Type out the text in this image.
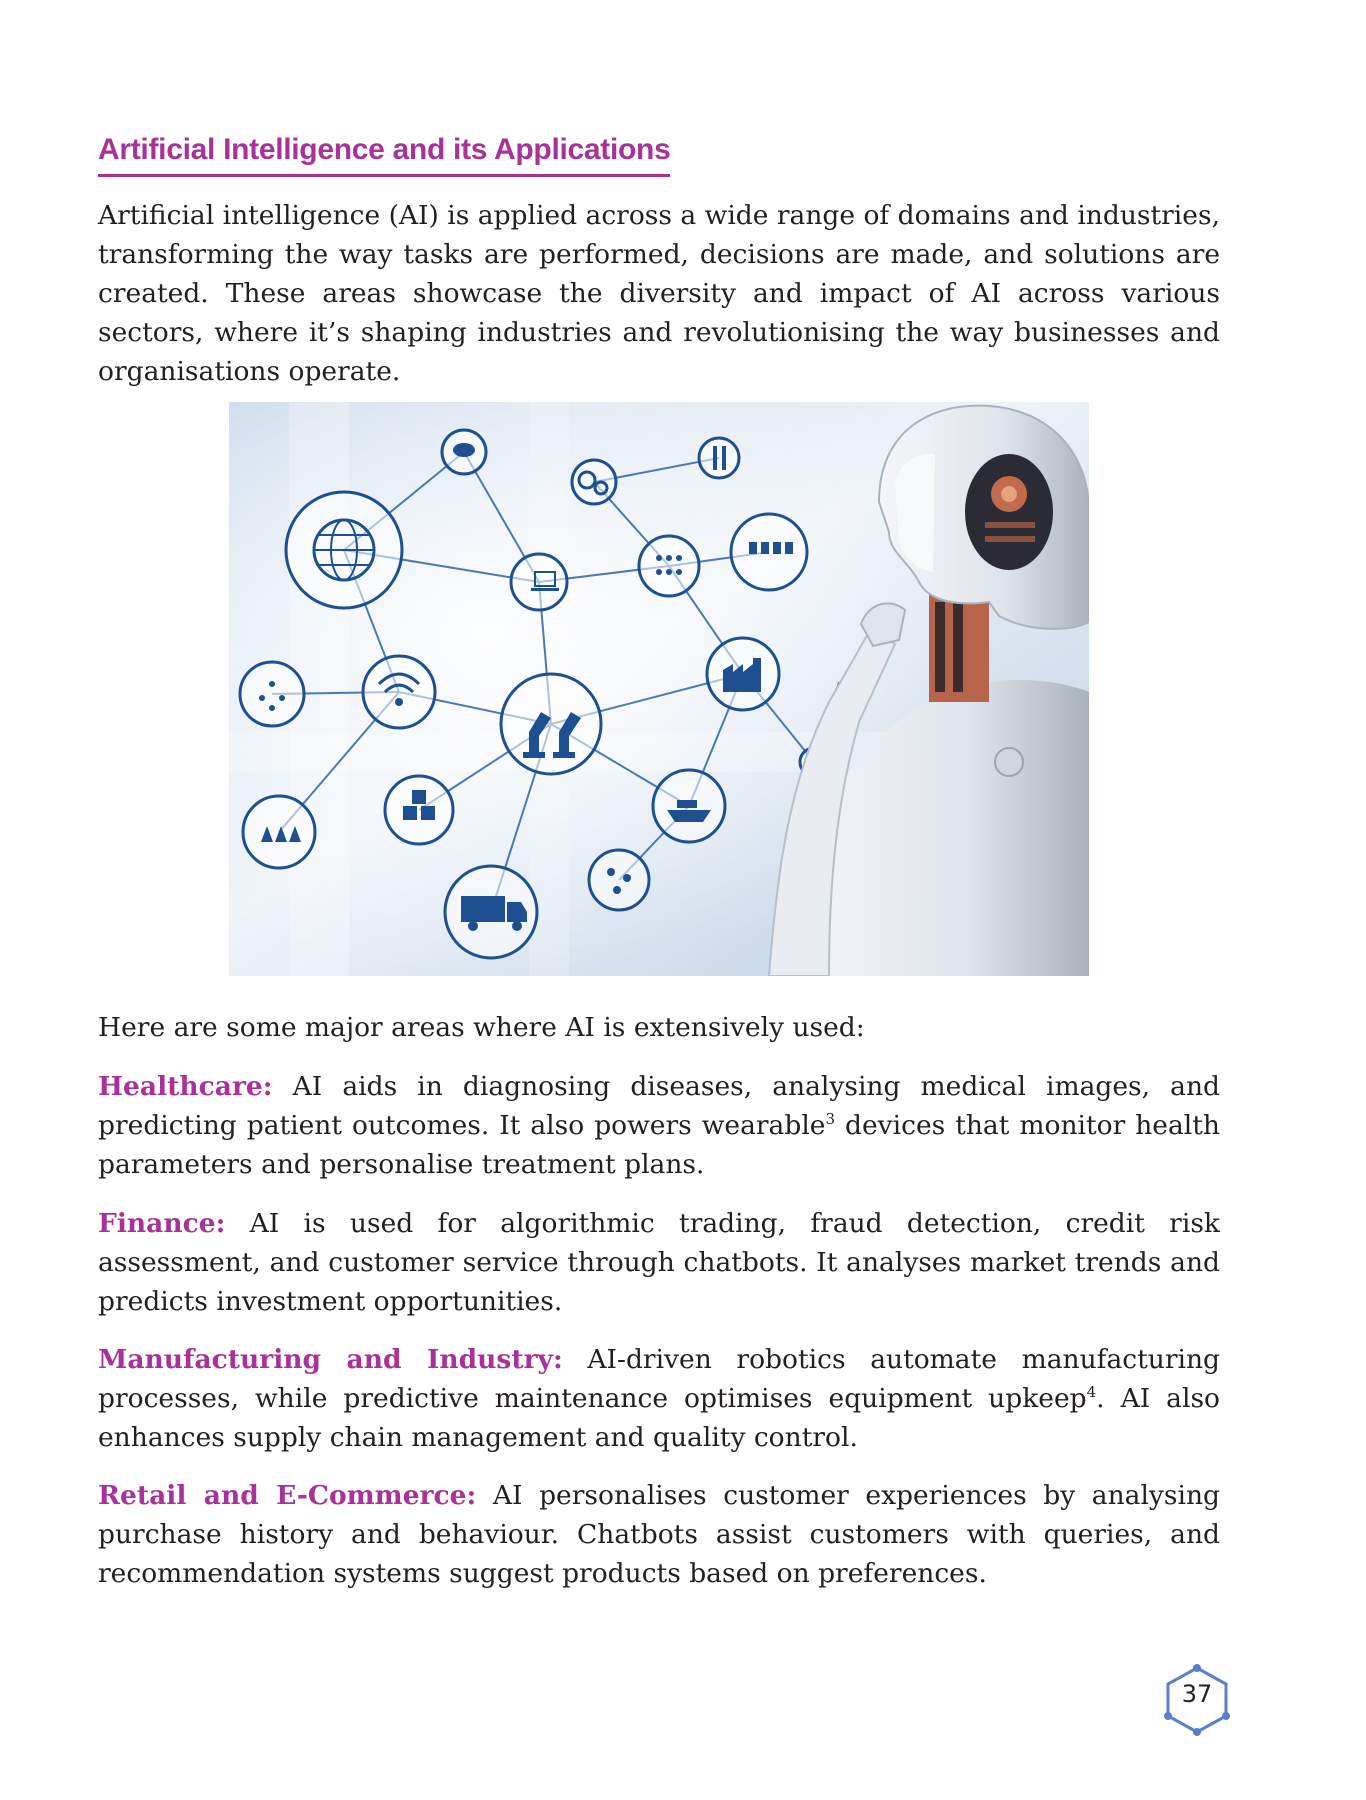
Artificial Intelligence and its Applications

Artificial intelligence (AI) is applied across a wide range of domains and industries, transforming the way tasks are performed, decisions are made, and solutions are created. These areas showcase the diversity and impact of AI across various sectors, where it’s shaping industries and revolutionising the way businesses and organisations operate.

Here are some major areas where AI is extensively used:

Healthcare: AI aids in diagnosing diseases, analysing medical images, and predicting patient outcomes. It also powers wearable$^3$ devices that monitor health parameters and personalise treatment plans.

Finance: AI is used for algorithmic trading, fraud detection, credit risk assessment, and customer service through chatbots. It analyses market trends and predicts investment opportunities.

Manufacturing and Industry: AI-driven robotics automate manufacturing processes, while predictive maintenance optimises equipment upkeep$^4$. AI also enhances supply chain management and quality control.

Retail and E-Commerce: AI personalises customer experiences by analysing purchase history and behaviour. Chatbots assist customers with queries, and recommendation systems suggest products based on preferences.

37
